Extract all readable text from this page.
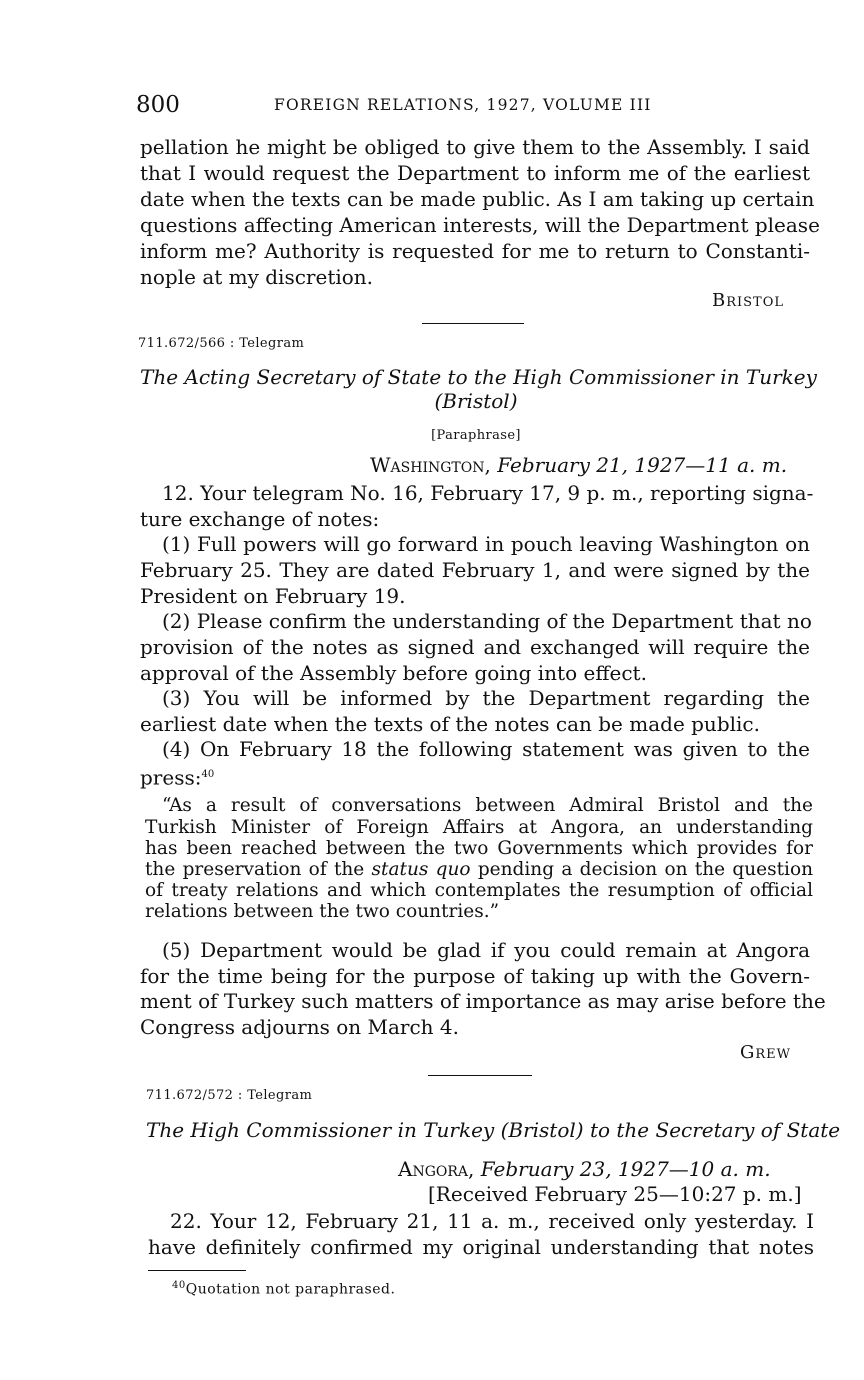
800	FOREIGN RELATIONS, 1927, VOLUME III
pellation he might be obliged to give them to the Assembly. I said
that I would request the Department to inform me of the earliest
date when the texts can be made public. As I am taking up certain
questions affecting American interests, will the Department please
inform me? Authority is requested for me to return to Constanti-
nople at my discretion.
Bristol
711.672/566 : Telegram
The Acting Secretary of State to the High Commissioner in Turkey
(Bristol)
[Paraphrase]
Washington, February 21, 1927—11 a. m.
12. Your telegram No. 16, February 17, 9 p. m., reporting signa-
ture exchange of notes:
(1) Full powers will go forward in pouch leaving Washington on
February 25. They are dated February 1, and were signed by the
President on February 19.
(2) Please confirm the understanding of the Department that no
provision of the notes as signed and exchanged will require the
approval of the Assembly before going into effect.
(3) You will be informed by the Department regarding the
earliest date when the texts of the notes can be made public.
(4) On February 18 the following statement was given to the
press:$^{40}$
“As a result of conversations between Admiral Bristol and the
Turkish Minister of Foreign Affairs at Angora, an understanding
has been reached between the two Governments which provides for
the preservation of the status quo pending a decision on the question
of treaty relations and which contemplates the resumption of official
relations between the two countries.”
(5) Department would be glad if you could remain at Angora
for the time being for the purpose of taking up with the Govern-
ment of Turkey such matters of importance as may arise before the
Congress adjourns on March 4.
Grew
711.672/572 : Telegram
The High Commissioner in Turkey (Bristol) to the Secretary of State
Angora, February 23, 1927—10 a. m.
[Received February 25—10:27 p. m.]
22. Your 12, February 21, 11 a. m., received only yesterday. I
have definitely confirmed my original understanding that notes
$^{40}$Quotation not paraphrased.
